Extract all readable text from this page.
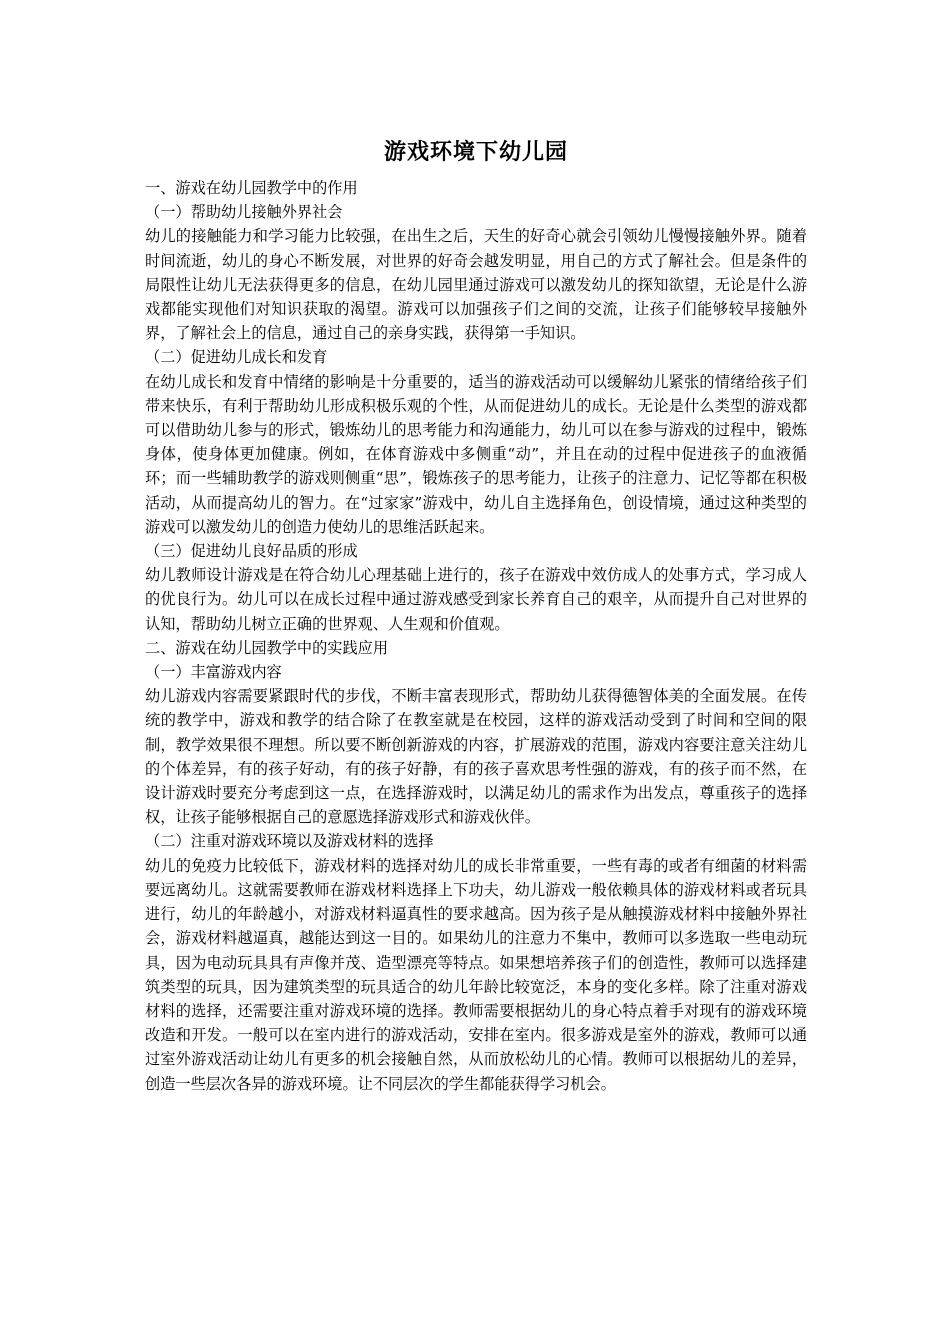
游戏环境下幼儿园

一、游戏在幼儿园教学中的作用

（一）帮助幼儿接触外界社会

幼儿的接触能力和学习能力比较强，在出生之后，天生的好奇心就会引领幼儿慢慢接触外界。随着时间流逝，幼儿的身心不断发展，对世界的好奇会越发明显，用自己的方式了解社会。但是条件的局限性让幼儿无法获得更多的信息，在幼儿园里通过游戏可以激发幼儿的探知欲望，无论是什么游戏都能实现他们对知识获取的渴望。游戏可以加强孩子们之间的交流，让孩子们能够较早接触外界，了解社会上的信息，通过自己的亲身实践，获得第一手知识。

（二）促进幼儿成长和发育

在幼儿成长和发育中情绪的影响是十分重要的，适当的游戏活动可以缓解幼儿紧张的情绪给孩子们带来快乐，有利于帮助幼儿形成积极乐观的个性，从而促进幼儿的成长。无论是什么类型的游戏都可以借助幼儿参与的形式，锻炼幼儿的思考能力和沟通能力，幼儿可以在参与游戏的过程中，锻炼身体，使身体更加健康。例如，在体育游戏中多侧重“动”，并且在动的过程中促进孩子的血液循环；而一些辅助教学的游戏则侧重“思”，锻炼孩子的思考能力，让孩子的注意力、记忆等都在积极活动，从而提高幼儿的智力。在“过家家”游戏中，幼儿自主选择角色，创设情境，通过这种类型的游戏可以激发幼儿的创造力使幼儿的思维活跃起来。

（三）促进幼儿良好品质的形成

幼儿教师设计游戏是在符合幼儿心理基础上进行的，孩子在游戏中效仿成人的处事方式，学习成人的优良行为。幼儿可以在成长过程中通过游戏感受到家长养育自己的艰辛，从而提升自己对世界的认知，帮助幼儿树立正确的世界观、人生观和价值观。

二、游戏在幼儿园教学中的实践应用

（一）丰富游戏内容

幼儿游戏内容需要紧跟时代的步伐，不断丰富表现形式，帮助幼儿获得德智体美的全面发展。在传统的教学中，游戏和教学的结合除了在教室就是在校园，这样的游戏活动受到了时间和空间的限制，教学效果很不理想。所以要不断创新游戏的内容，扩展游戏的范围，游戏内容要注意关注幼儿的个体差异，有的孩子好动，有的孩子好静，有的孩子喜欢思考性强的游戏，有的孩子而不然，在设计游戏时要充分考虑到这一点，在选择游戏时，以满足幼儿的需求作为出发点，尊重孩子的选择权，让孩子能够根据自己的意愿选择游戏形式和游戏伙伴。

（二）注重对游戏环境以及游戏材料的选择

幼儿的免疫力比较低下，游戏材料的选择对幼儿的成长非常重要，一些有毒的或者有细菌的材料需要远离幼儿。这就需要教师在游戏材料选择上下功夫，幼儿游戏一般依赖具体的游戏材料或者玩具进行，幼儿的年龄越小，对游戏材料逼真性的要求越高。因为孩子是从触摸游戏材料中接触外界社会，游戏材料越逼真，越能达到这一目的。如果幼儿的注意力不集中，教师可以多选取一些电动玩具，因为电动玩具具有声像并茂、造型漂亮等特点。如果想培养孩子们的创造性，教师可以选择建筑类型的玩具，因为建筑类型的玩具适合的幼儿年龄比较宽泛，本身的变化多样。除了注重对游戏材料的选择，还需要注重对游戏环境的选择。教师需要根据幼儿的身心特点着手对现有的游戏环境改造和开发。一般可以在室内进行的游戏活动，安排在室内。很多游戏是室外的游戏，教师可以通过室外游戏活动让幼儿有更多的机会接触自然，从而放松幼儿的心情。教师可以根据幼儿的差异，创造一些层次各异的游戏环境。让不同层次的学生都能获得学习机会。
